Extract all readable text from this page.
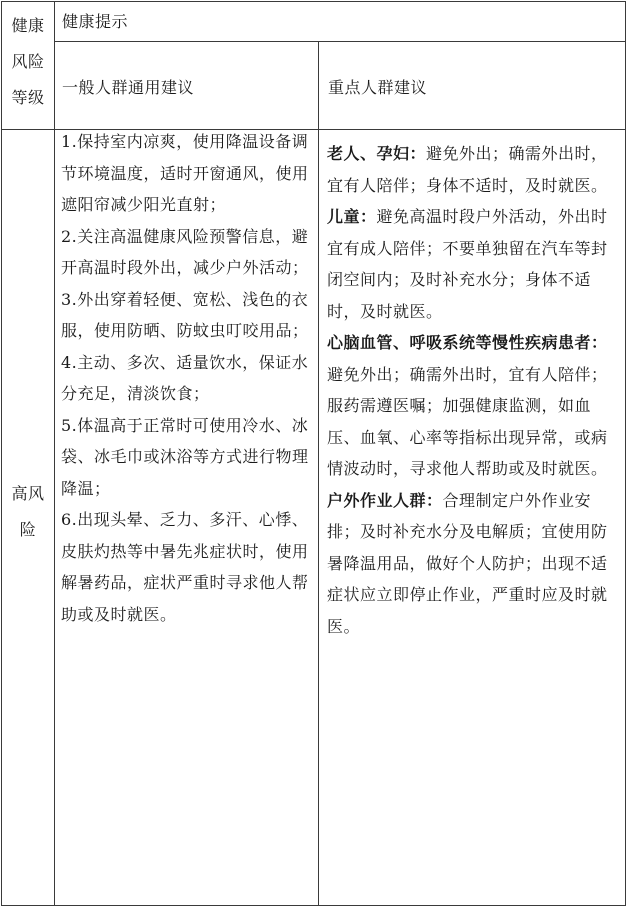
健康
风险
等级
健康提示
一般人群通用建议	重点人群建议
高风
险

1.保持室内凉爽，使用降温设备调节环境温度，适时开窗通风，使用遮阳帘减少阳光直射；

2.关注高温健康风险预警信息，避开高温时段外出，减少户外活动；

3.外出穿着轻便、宽松、浅色的衣服，使用防晒、防蚊虫叮咬用品；

4.主动、多次、适量饮水，保证水分充足，清淡饮食；

5.体温高于正常时可使用冷水、冰袋、冰毛巾或沐浴等方式进行物理降温；

6.出现头晕、乏力、多汗、心悸、皮肤灼热等中暑先兆症状时，使用解暑药品，症状严重时寻求他人帮助或及时就医。

老人、孕妇：避免外出；确需外出时，宜有人陪伴；身体不适时，及时就医。

儿童：避免高温时段户外活动，外出时宜有成人陪伴；不要单独留在汽车等封闭空间内；及时补充水分；身体不适时，及时就医。

心脑血管、呼吸系统等慢性疾病患者：避免外出；确需外出时，宜有人陪伴；服药需遵医嘱；加强健康监测，如血压、血氧、心率等指标出现异常，或病情波动时，寻求他人帮助或及时就医。

户外作业人群：合理制定户外作业安排；及时补充水分及电解质；宜使用防暑降温用品，做好个人防护；出现不适症状应立即停止作业，严重时应及时就医。
